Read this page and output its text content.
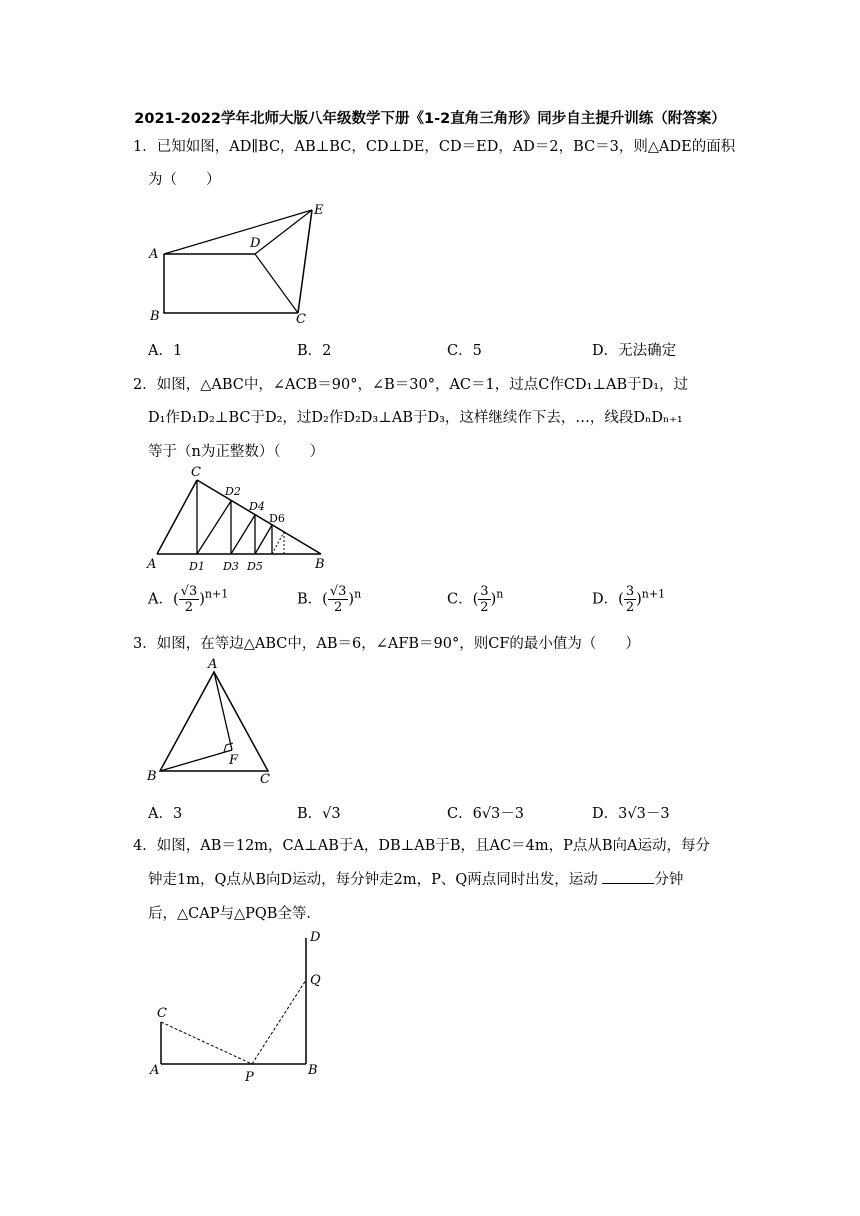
2021-2022学年北师大版八年级数学下册《1-2直角三角形》同步自主提升训练（附答案）
1．已知如图，AD∥BC，AB⊥BC，CD⊥DE，CD＝ED，AD＝2，BC＝3，则△ADE的面积
为（　　）
A
B	C
D
E
A．1	B．2	C．5	D．无法确定
2．如图，△ABC中，∠ACB＝90°，∠B＝30°，AC＝1，过点C作CD₁⊥AB于D₁，过
D₁作D₁D₂⊥BC于D₂，过D₂作D₂D₃⊥AB于D₃，这样继续作下去，…，线段DₙDₙ₊₁
等于（n为正整数）（　　）
A	B
C
D1
D2
D3
D4
D5
D6
A．( $\frac{√3}{2} )^{n+1}$	B．( $\frac{√3}{2} )^n$	C．( $\frac{3}{2} )^n$	D．( $\frac{3}{2} )^{n+1}$
3．如图，在等边△ABC中，AB＝6，∠AFB＝90°，则CF的最小值为（　　）
A
B	C
F
A．3	B．√3	C．6√3－3	D．3√3－3
4．如图，AB＝12m，CA⊥AB于A，DB⊥AB于B，且AC＝4m，P点从B向A运动，每分
钟走1m，Q点从B向D运动，每分钟走2m，P、Q两点同时出发，运动	分钟
后，△CAP与△PQB全等．
A	B
C
D
P
Q
